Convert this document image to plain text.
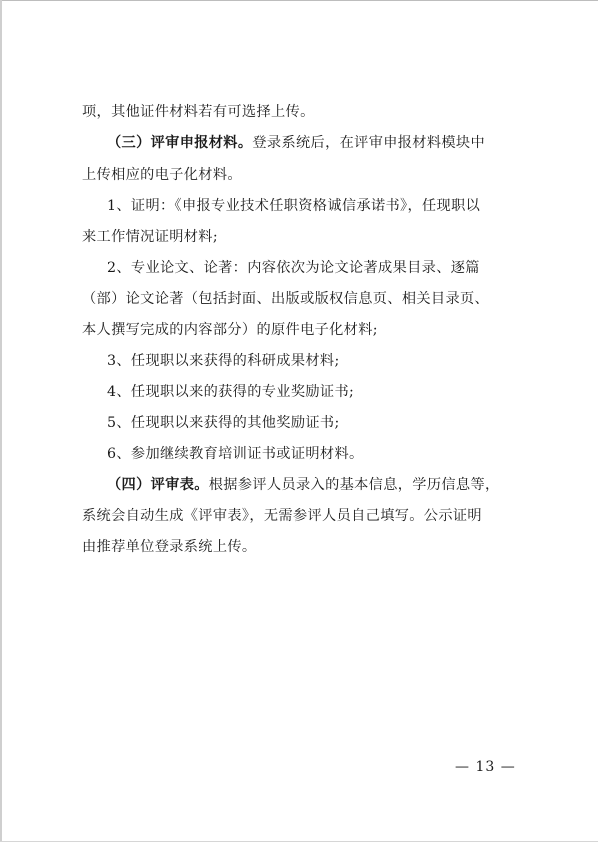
项，其他证件材料若有可选择上传。
（三）评审申报材料。登录系统后，在评审申报材料模块中
上传相应的电子化材料。
1、证明：《申报专业技术任职资格诚信承诺书》，任现职以
来工作情况证明材料;
2、专业论文、论著：内容依次为论文论著成果目录、逐篇
（部）论文论著（包括封面、出版或版权信息页、相关目录页、
本人撰写完成的内容部分）的原件电子化材料;
3、任现职以来获得的科研成果材料;
4、任现职以来的获得的专业奖励证书;
5、任现职以来获得的其他奖励证书;
6、参加继续教育培训证书或证明材料。
（四）评审表。根据参评人员录入的基本信息，学历信息等，
系统会自动生成《评审表》，无需参评人员自己填写。公示证明
由推荐单位登录系统上传。
— 13 —
